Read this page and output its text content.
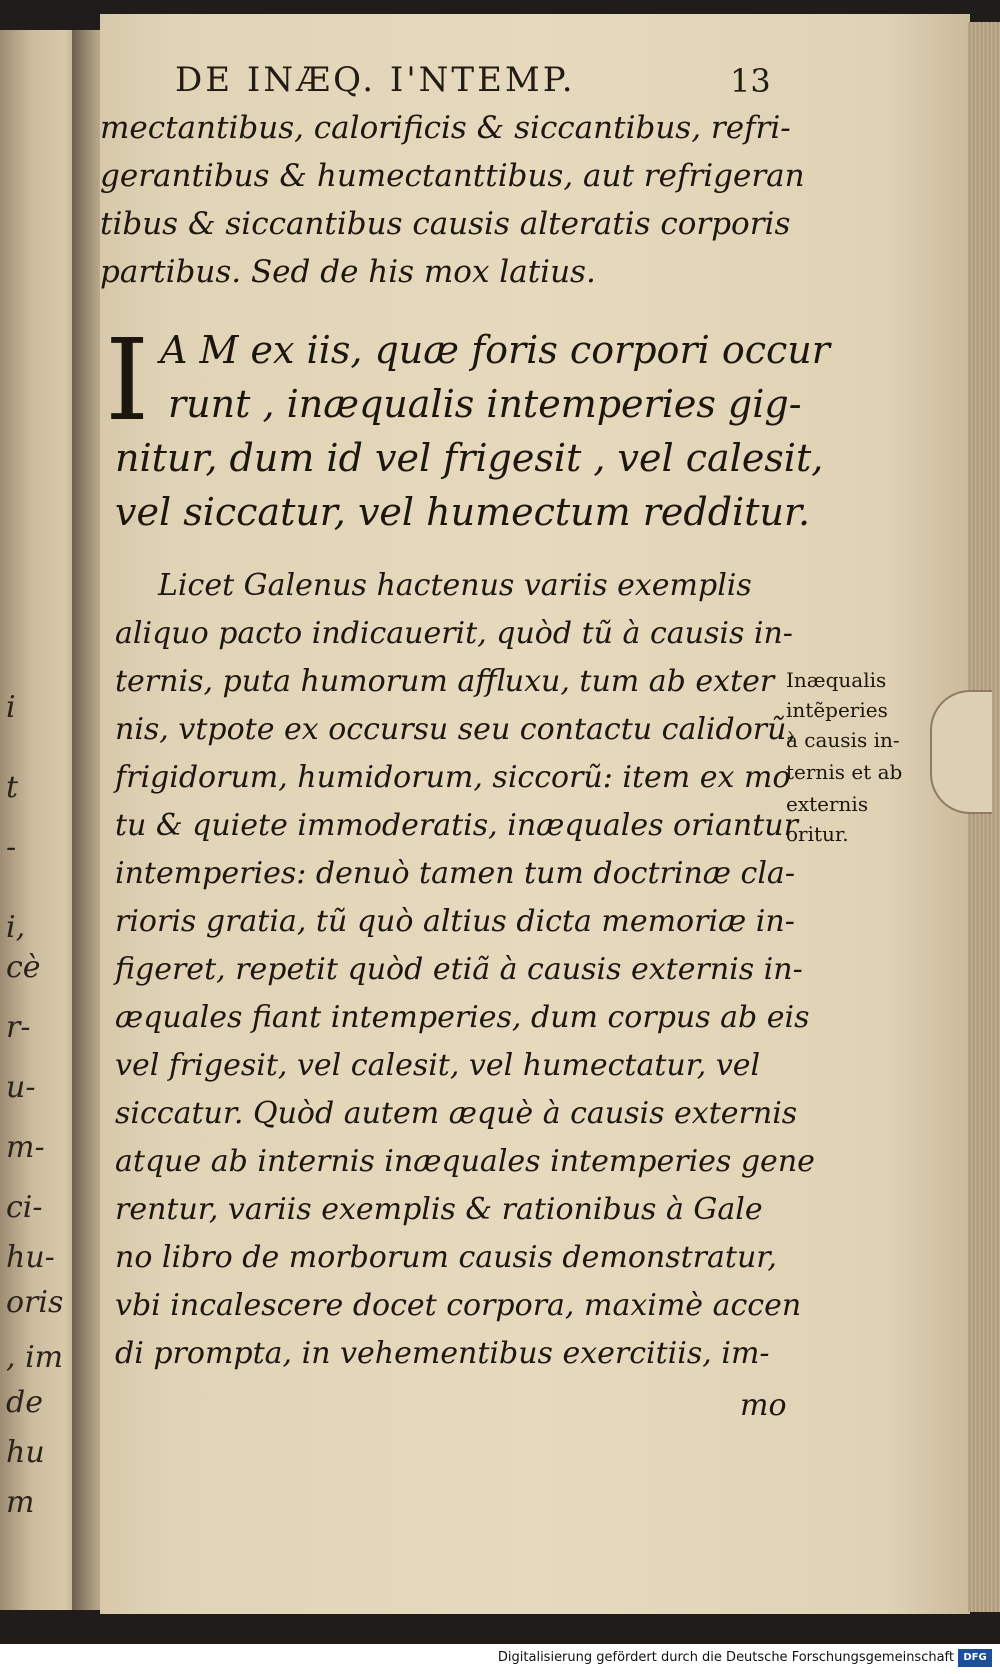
i
t
-
i,
cè
r-
u-
m-
ci-
hu-
oris
, im
de
hu
m
DE INÆQ. I'NTEMP.	13
mectantibus, calorificis & siccantibus, refri-
gerantibus & humectanttibus, aut refrigeran
tibus & siccantibus causis alteratis corporis
partibus. Sed de his mox latius.
A M ex iis, quæ foris corpori occur
runt , inæqualis intemperies gig-
nitur, dum id vel frigesit , vel calesit,
vel siccatur, vel humectum redditur.
Licet Galenus hactenus variis exemplis
aliquo pacto indicauerit, quòd tũ à causis in-
ternis, puta humorum affluxu, tum ab exter
nis, vtpote ex occursu seu contactu calidorũ,
frigidorum, humidorum, siccorũ: item ex mo
tu & quiete immoderatis, inæquales oriantur
intemperies: denuò tamen tum doctrinæ cla-
rioris gratia, tũ quò altius dicta memoriæ in-
figeret, repetit quòd etiã à causis externis in-
æquales fiant intemperies, dum corpus ab eis
vel frigesit, vel calesit, vel humectatur, vel
siccatur. Quòd autem æquè à causis externis
atque ab internis inæquales intemperies gene
rentur, variis exemplis & rationibus à Gale
no libro de morborum causis demonstratur,
vbi incalescere docet corpora, maximè accen
di prompta, in vehementibus exercitiis, im-
mo
I
Inæqualis
intẽperies
à causis in-
ternis et ab
externis
oritur.
Digitalisierung gefördert durch die Deutsche Forschungsgemeinschaft DFG
